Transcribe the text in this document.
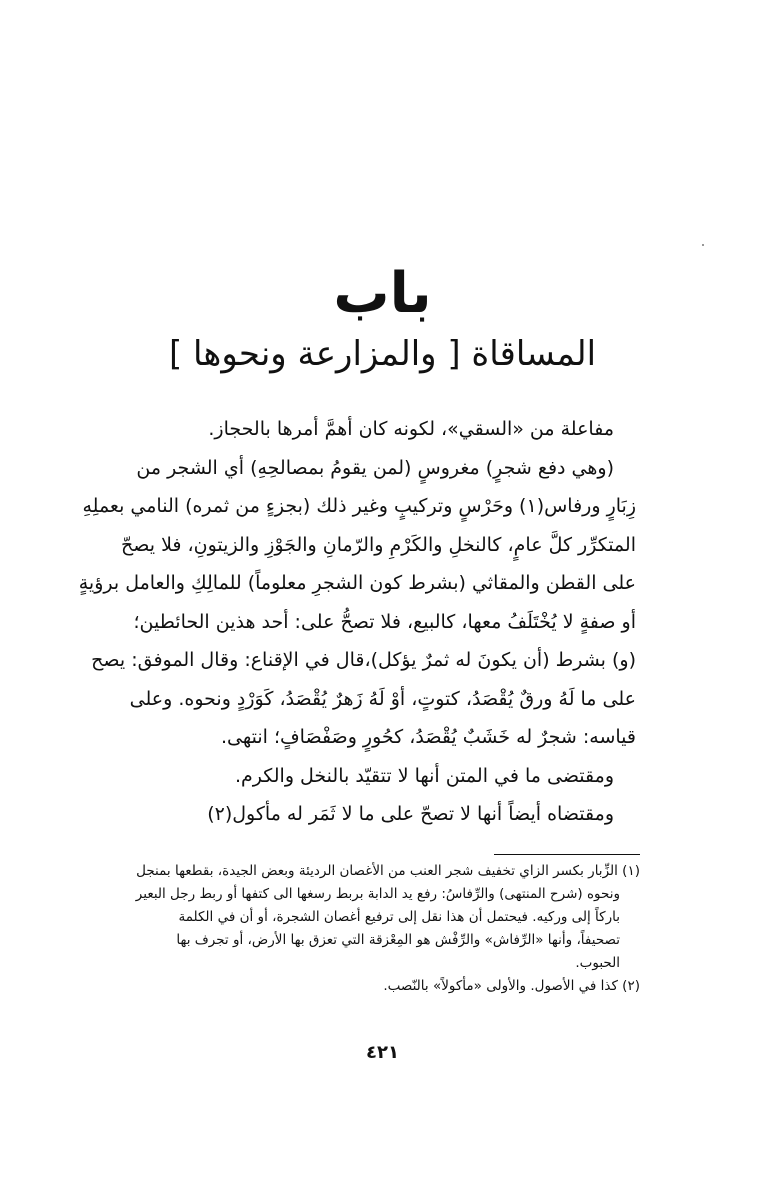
باب
المساقاة [ والمزارعة ونحوها ]

مفاعلة من «السقي»، لكونه كان أهمَّ أمرها بالحجاز.

(وهي دفع شجرٍ) مغروسٍ (لمن يقومُ بمصالحِهِ) أي الشجر من

زِبَارٍ ورفاس(١) وحَرْسٍ وتركيبٍ وغير ذلك (بجزءٍ من ثمره) النامي بعملِهِ

المتكرِّر كلَّ عامٍ، كالنخلِ والكَرْمِ والرّمانِ والجَوْزِ والزيتونِ، فلا يصحّ

على القطن والمقاثي (بشرط كون الشجرِ معلوماً) للمالِكِ والعامل برؤيةٍ

أو صفةٍ لا يُخْتَلَفُ معها، كالبيع، فلا تصحُّ على: أحد هذين الحائطين؛

(و) بشرط (أن يكونَ له ثمرٌ يؤكل)،قال في الإقناع: وقال الموفق: يصح

على ما لَهُ ورقٌ يُقْصَدُ، كتوتٍ، أوْ لَهُ زَهرٌ يُقْصَدُ، كَوَرْدٍ ونحوه. وعلى

قياسه: شجرٌ له خَشَبٌ يُقْصَدُ، كحُورٍ وصَفْصَافٍ؛ انتهى.

ومقتضى ما في المتن أنها لا تتقيّد بالنخل والكرم.

ومقتضاه أيضاً أنها لا تصحّ على ما لا ثَمَر له مأكول(٢)

(١) الزِّبار بكسر الزاي تخفيف شجر العنب من الأغصان الرديئة وبعض الجيدة، بقطعها بمنجل

ونحوه (شرح المنتهى) والرِّفاسُ: رفع يد الدابة بربط رسغها الى كتفها أو ربط رجل البعير

باركاً إلى وركيه. فيحتمل أن هذا نقل إلى ترفيع أغصان الشجرة، أو أن في الكلمة

تصحيفاً، وأنها «الرِّفاش» والرِّفْش هو المِعْزقة التي تعزق بها الأرض، أو تجرف بها

الحبوب.

(٢) كذا في الأصول. والأولى «مأكولاً» بالنّصب.

٤٢١
